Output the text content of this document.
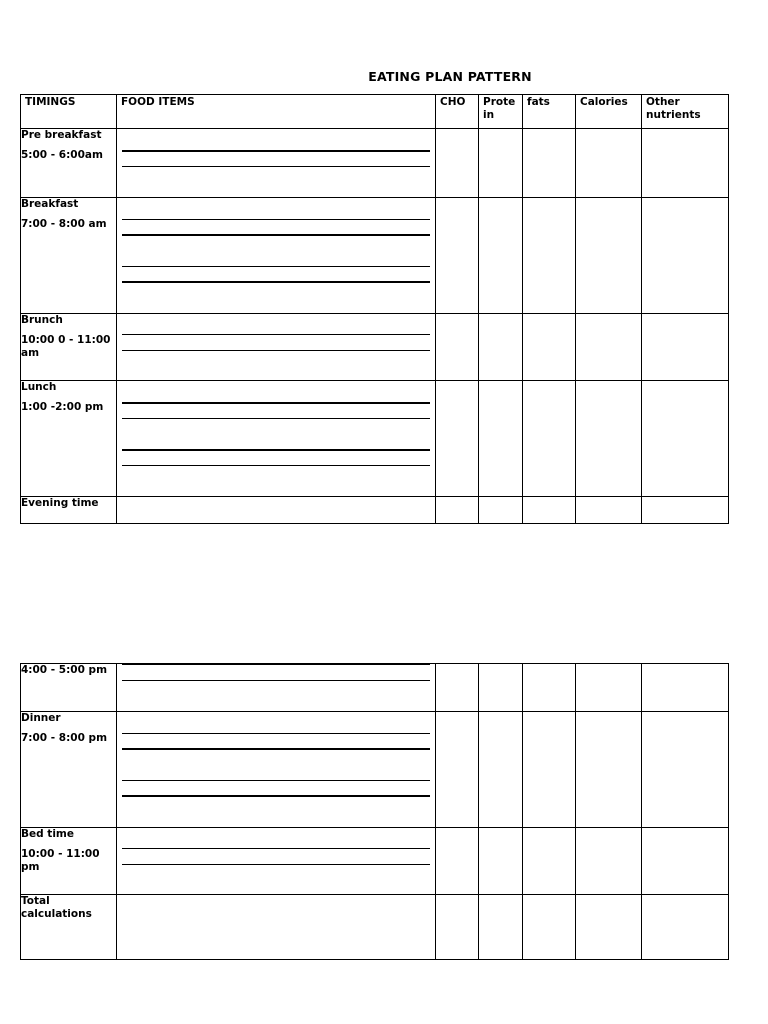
EATING PLAN PATTERN
TIMINGS	FOOD ITEMS	CHO	Prote in	fats	Calories	Other nutrients

Pre breakfast
5:00 - 6:00am						

Breakfast
7:00 - 8:00 am						

Brunch
10:00 0 - 11:00 am						

Lunch
1:00 -2:00 pm						

Evening time						

4:00 - 5:00 pm						

Dinner
7:00 - 8:00 pm						

Bed time
10:00 - 11:00 pm						

Total calculations						
